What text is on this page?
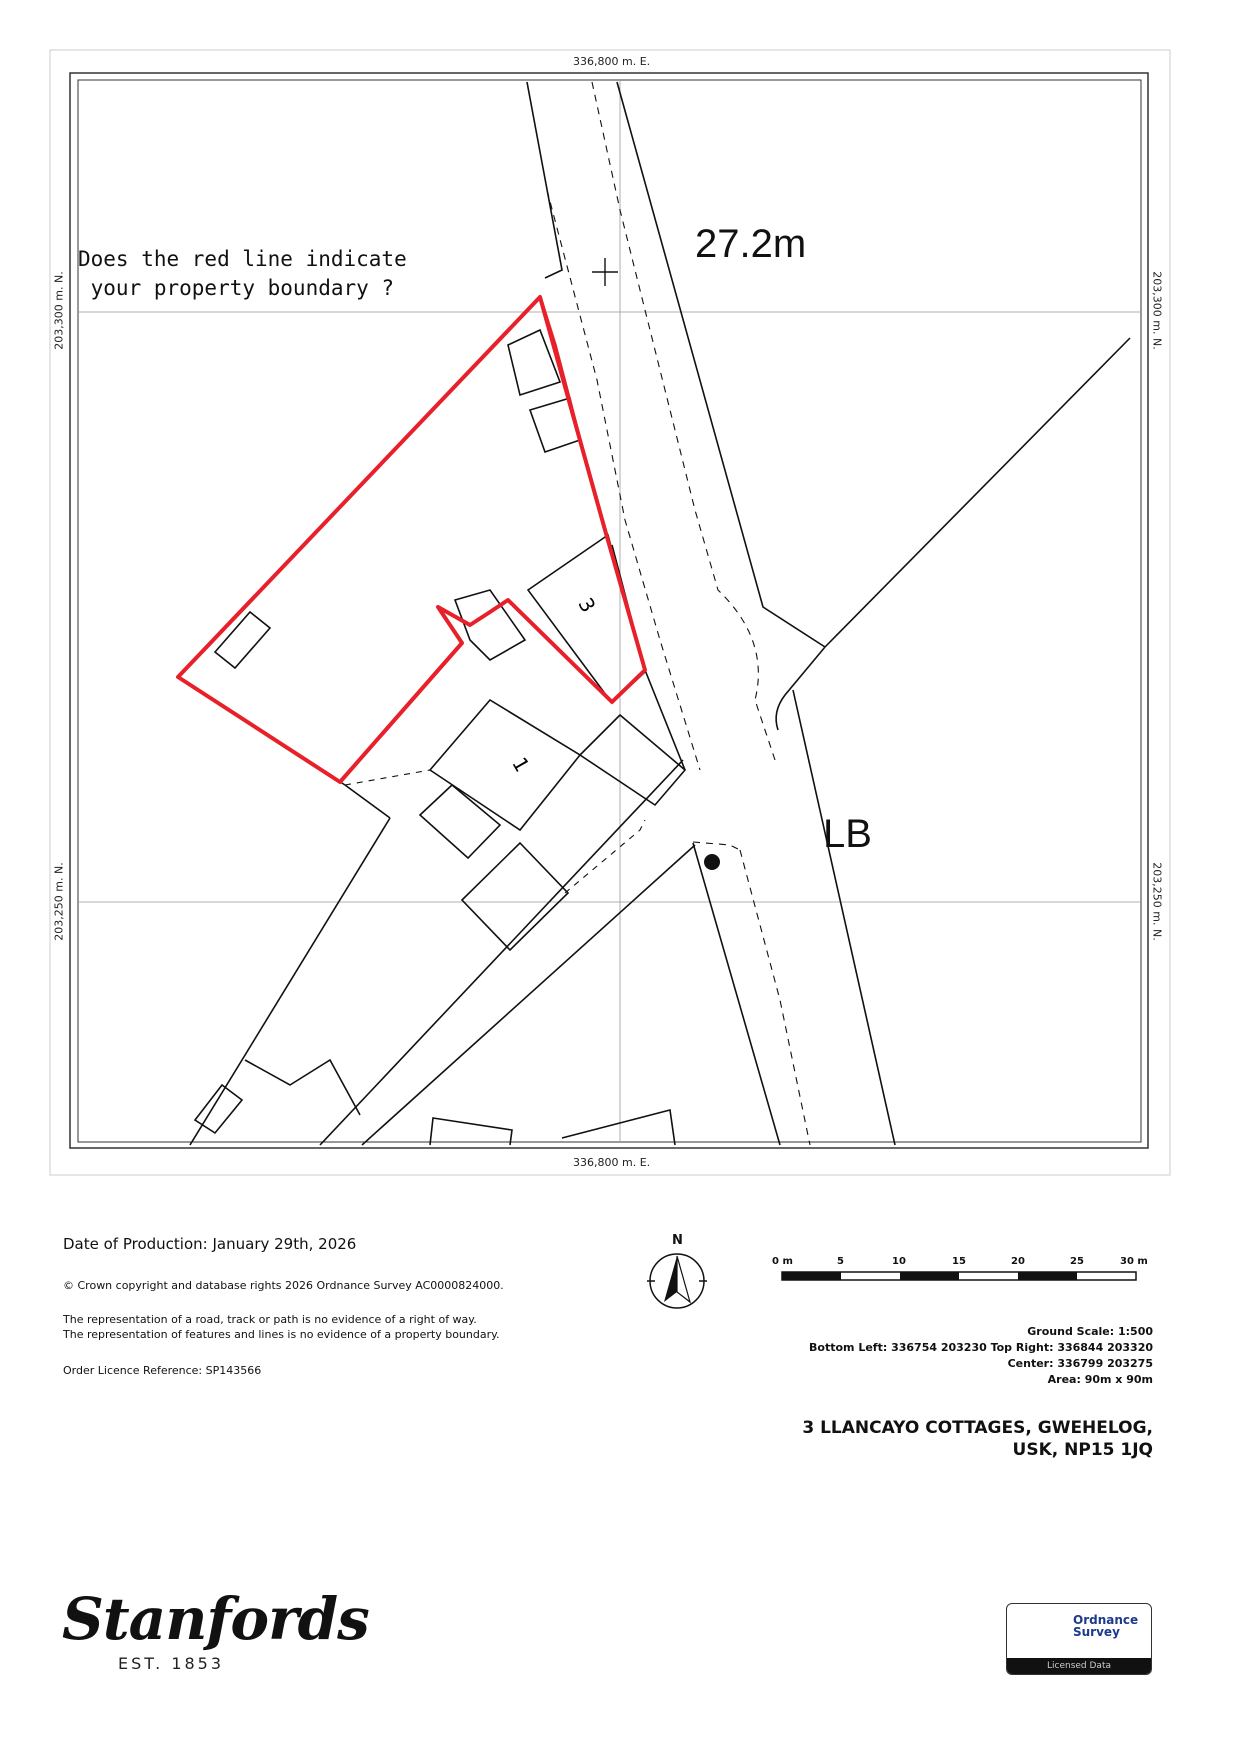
3
1
336,800 m. E.
336,800 m. E.
203,300 m. N.
203,250 m. N.
203,300 m. N.
203,250 m. N.
27.2m
LB
Does the red line indicate
your property boundary ?
Date of Production: January 29th, 2026
© Crown copyright and database rights 2026 Ordnance Survey AC0000824000.
The representation of a road, track or path is no evidence of a right of way.
The representation of features and lines is no evidence of a property boundary.
Order Licence Reference: SP143566
N
0 m	5	10	15	20	25	30 m
Ground Scale: 1:500
Bottom Left: 336754 203230 Top Right: 336844 203320
Center: 336799 203275
Area: 90m x 90m
3 LLANCAYO COTTAGES, GWEHELOG,
USK, NP15 1JQ
Stanfords
EST. 1853
Ordnance
Survey
Licensed Data
